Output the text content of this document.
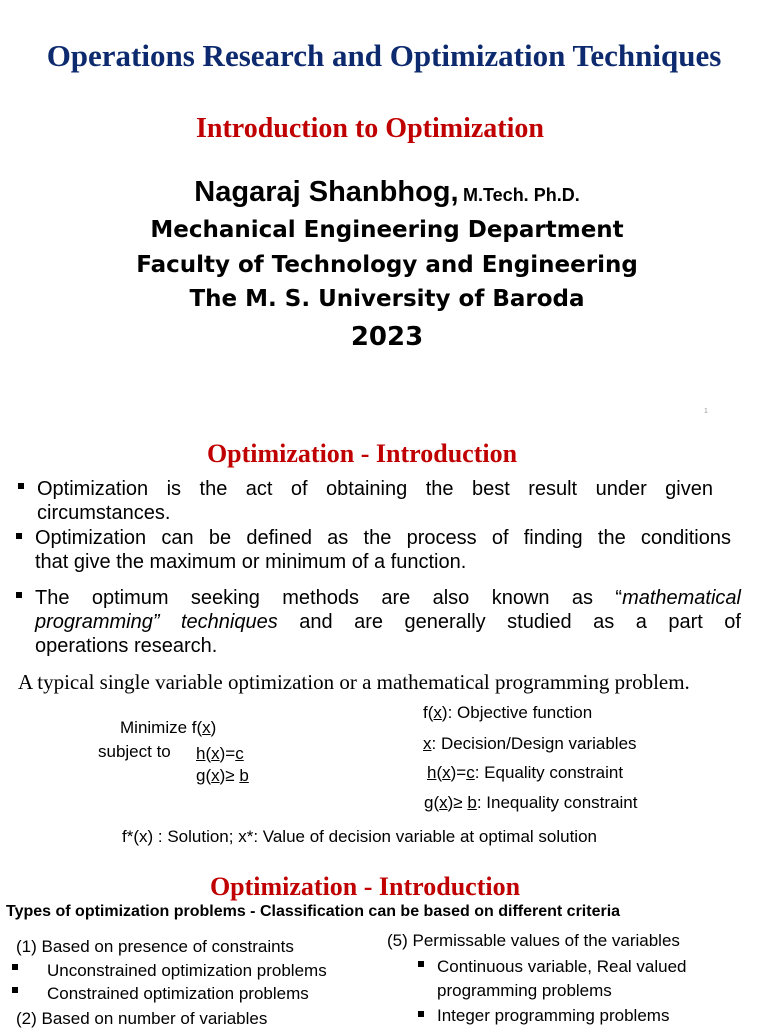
Operations Research and Optimization Techniques
Introduction to Optimization
Nagaraj Shanbhog, M.Tech. Ph.D.
Mechanical Engineering Department
Faculty of Technology and Engineering
The M. S. University of Baroda
2023
1
Optimization - Introduction
Optimization is the act of obtaining the best result under given
circumstances.
Optimization can be defined as the process of finding the conditions
that give the maximum or minimum of a function.
The optimum seeking methods are also known as “mathematical
programming” techniques and are generally studied as a part of
operations research.
A typical single variable optimization or a mathematical programming problem.
Minimize f(x)
subject to h(x)=c
g(x)≥ b
f(x): Objective function
x: Decision/Design variables
h(x)=c: Equality constraint
g(x)≥ b: Inequality constraint
f*(x) : Solution; x*: Value of decision variable at optimal solution
Optimization - Introduction
Types of optimization problems - Classification can be based on different criteria
(1) Based on presence of constraints
Unconstrained optimization problems
Constrained optimization problems
(2) Based on number of variables
(5) Permissable values of the variables
Continuous variable, Real valued
programming problems
Integer programming problems
